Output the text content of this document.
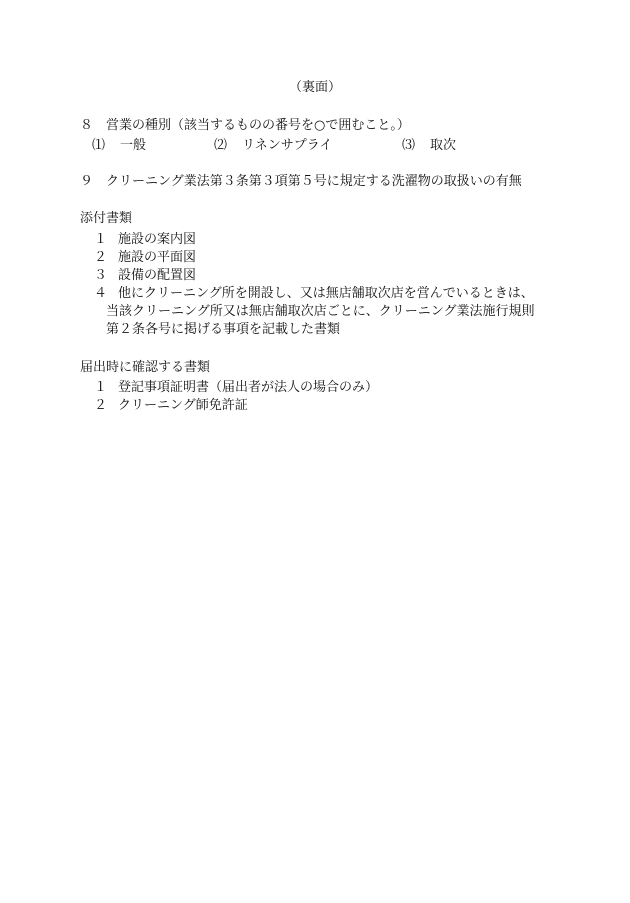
（裏面）
８ 営業の種別（該当するものの番号を○で囲むこと。）
⑴ 一般	⑵ リネンサプライ	⑶ 取次
９ クリーニング業法第３条第３項第５号に規定する洗濯物の取扱いの有無
添付書類
１ 施設の案内図
２ 施設の平面図
３ 設備の配置図
４ 他にクリーニング所を開設し、又は無店舗取次店を営んでいるときは、
当該クリーニング所又は無店舗取次店ごとに、クリーニング業法施行規則
第２条各号に掲げる事項を記載した書類
届出時に確認する書類
１ 登記事項証明書（届出者が法人の場合のみ）
２ クリーニング師免許証
